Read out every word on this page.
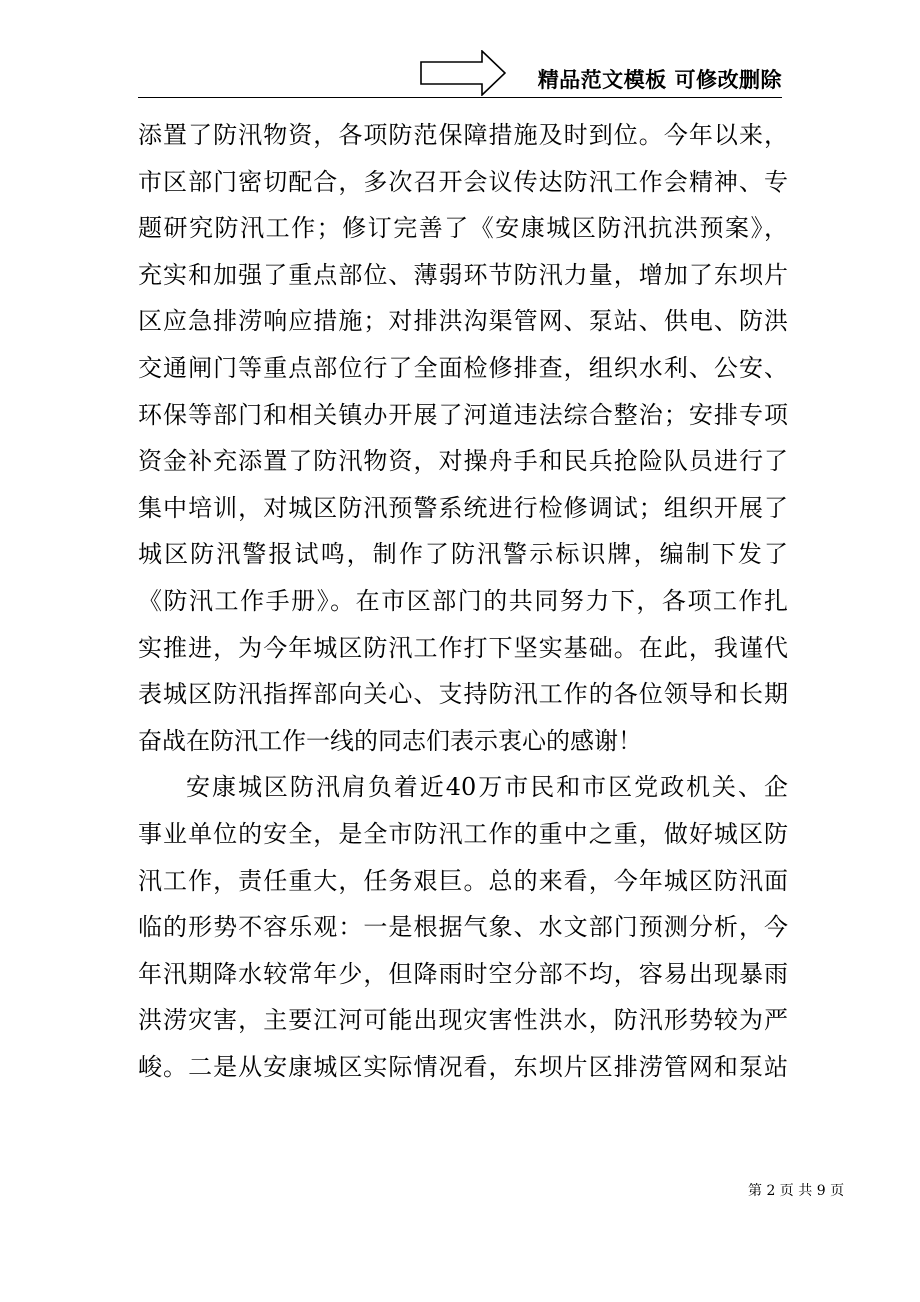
精品范文模板 可修改删除
添置了防汛物资，各项防范保障措施及时到位。今年以来，
市区部门密切配合，多次召开会议传达防汛工作会精神、专
题研究防汛工作；修订完善了《安康城区防汛抗洪预案》，
充实和加强了重点部位、薄弱环节防汛力量，增加了东坝片
区应急排涝响应措施；对排洪沟渠管网、泵站、供电、防洪
交通闸门等重点部位行了全面检修排查，组织水利、公安、
环保等部门和相关镇办开展了河道违法综合整治；安排专项
资金补充添置了防汛物资，对操舟手和民兵抢险队员进行了
集中培训，对城区防汛预警系统进行检修调试；组织开展了
城区防汛警报试鸣，制作了防汛警示标识牌，编制下发了
《防汛工作手册》。在市区部门的共同努力下，各项工作扎
实推进，为今年城区防汛工作打下坚实基础。在此，我谨代
表城区防汛指挥部向关心、支持防汛工作的各位领导和长期
奋战在防汛工作一线的同志们表示衷心的感谢！
安康城区防汛肩负着近40万市民和市区党政机关、企
事业单位的安全，是全市防汛工作的重中之重，做好城区防
汛工作，责任重大，任务艰巨。总的来看，今年城区防汛面
临的形势不容乐观：一是根据气象、水文部门预测分析，今
年汛期降水较常年少，但降雨时空分部不均，容易出现暴雨
洪涝灾害，主要江河可能出现灾害性洪水，防汛形势较为严
峻。二是从安康城区实际情况看，东坝片区排涝管网和泵站
第 2 页 共 9 页
